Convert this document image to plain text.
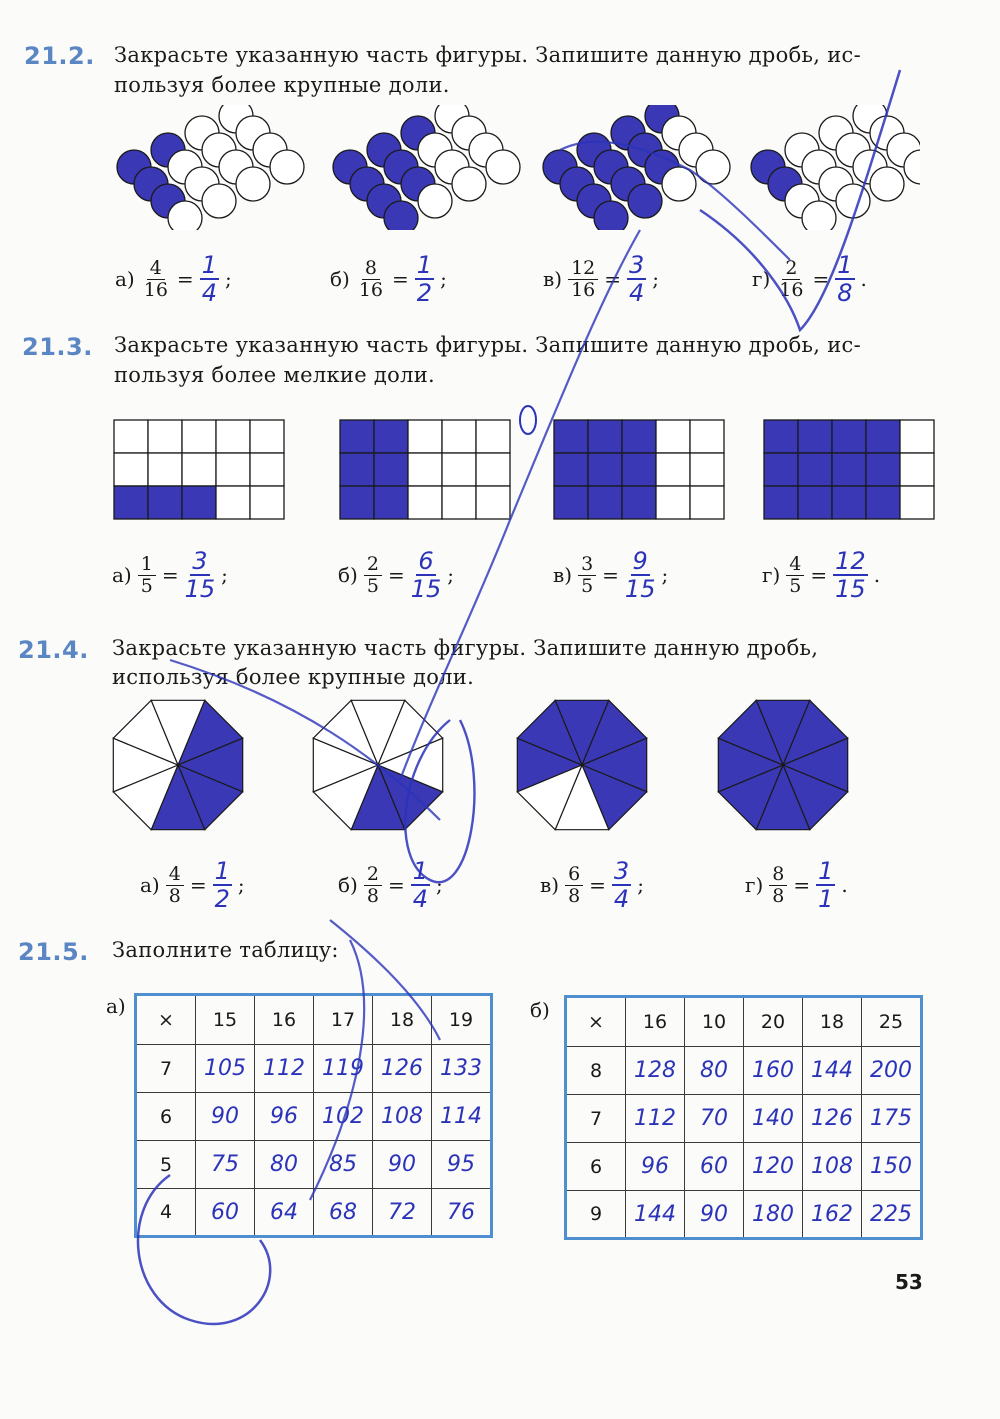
21.2. Закрасьте указанную часть фигуры. Запишите данную дробь, ис-
пользуя более крупные доли.
$а) \frac{4}{16} = \frac{1}{4}$ ;	$б) \frac{8}{16} = \frac{1}{2}$ ;	$в) \frac{12}{16} = \frac{3}{4}$ ;	$г) \frac{2}{16} = \frac{1}{8}$ .
21.3. Закрасьте указанную часть фигуры. Запишите данную дробь, ис-
пользуя более мелкие доли.
$а) \frac{1}{5} = \frac{3}{15}$ ;	$б) \frac{2}{5} = \frac{6}{15}$ ;	$в) \frac{3}{5} = \frac{9}{15}$ ;	$г) \frac{4}{5} = \frac{12}{15}$ .
21.4. Закрасьте указанную часть фигуры. Запишите данную дробь,
используя более крупные доли.
$а) \frac{4}{8} = \frac{1}{2}$ ;	$б) \frac{2}{8} = \frac{1}{4}$ ;	$в) \frac{6}{8} = \frac{3}{4}$ ;	$г) \frac{8}{8} = \frac{1}{1}$ .
21.5. Заполните таблицу:
а)
×	15	16	17	18	19
7	105	112	119	126	133
6	90	96	102	108	114
5	75	80	85	90	95
4	60	64	68	72	76
б) ×	16	10	20	18	25
8	128	80	160	144	200
7	112	70	140	126	175
6	96	60	120	108	150
9	144	90	180	162	225
53
